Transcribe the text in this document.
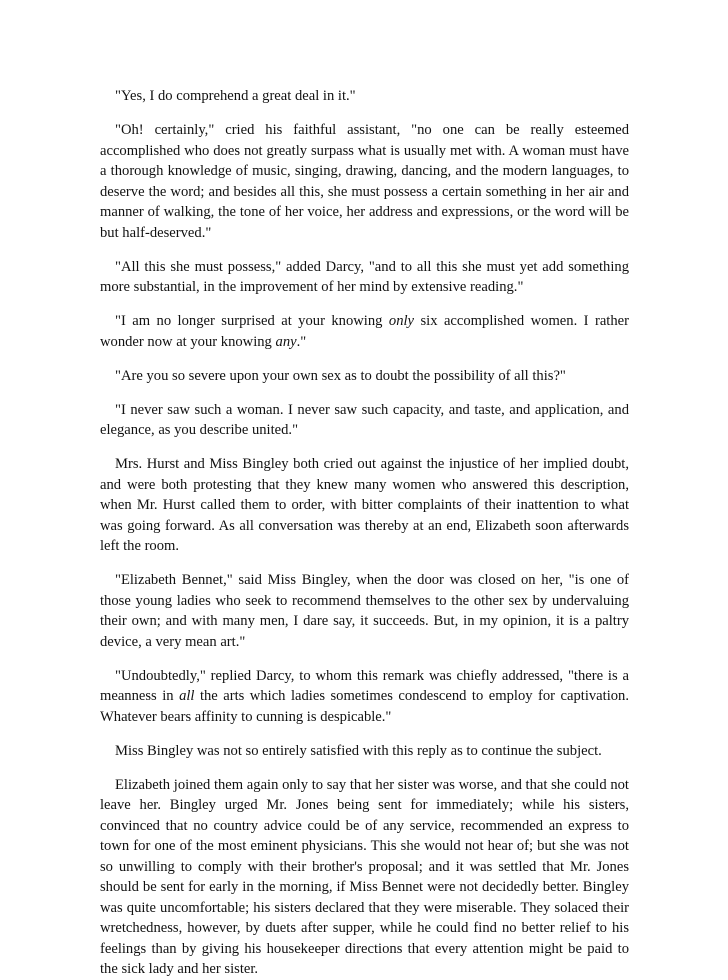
"Yes, I do comprehend a great deal in it."

"Oh! certainly," cried his faithful assistant, "no one can be really esteemed accomplished who does not greatly surpass what is usually met with. A woman must have a thorough knowledge of music, singing, drawing, dancing, and the modern languages, to deserve the word; and besides all this, she must possess a certain something in her air and manner of walking, the tone of her voice, her address and expressions, or the word will be but half-deserved."

"All this she must possess," added Darcy, "and to all this she must yet add something more substantial, in the improvement of her mind by extensive reading."

"I am no longer surprised at your knowing only six accomplished women. I rather wonder now at your knowing any."

"Are you so severe upon your own sex as to doubt the possibility of all this?"

"I never saw such a woman. I never saw such capacity, and taste, and application, and elegance, as you describe united."

Mrs. Hurst and Miss Bingley both cried out against the injustice of her implied doubt, and were both protesting that they knew many women who answered this description, when Mr. Hurst called them to order, with bitter complaints of their inattention to what was going forward. As all conversation was thereby at an end, Elizabeth soon afterwards left the room.

"Elizabeth Bennet," said Miss Bingley, when the door was closed on her, "is one of those young ladies who seek to recommend themselves to the other sex by undervaluing their own; and with many men, I dare say, it succeeds. But, in my opinion, it is a paltry device, a very mean art."

"Undoubtedly," replied Darcy, to whom this remark was chiefly addressed, "there is a meanness in all the arts which ladies sometimes condescend to employ for captivation. Whatever bears affinity to cunning is despicable."

Miss Bingley was not so entirely satisfied with this reply as to continue the subject.

Elizabeth joined them again only to say that her sister was worse, and that she could not leave her. Bingley urged Mr. Jones being sent for immediately; while his sisters, convinced that no country advice could be of any service, recommended an express to town for one of the most eminent physicians. This she would not hear of; but she was not so unwilling to comply with their brother's proposal; and it was settled that Mr. Jones should be sent for early in the morning, if Miss Bennet were not decidedly better. Bingley was quite uncomfortable; his sisters declared that they were miserable. They solaced their wretchedness, however, by duets after supper, while he could find no better relief to his feelings than by giving his housekeeper directions that every attention might be paid to the sick lady and her sister.
